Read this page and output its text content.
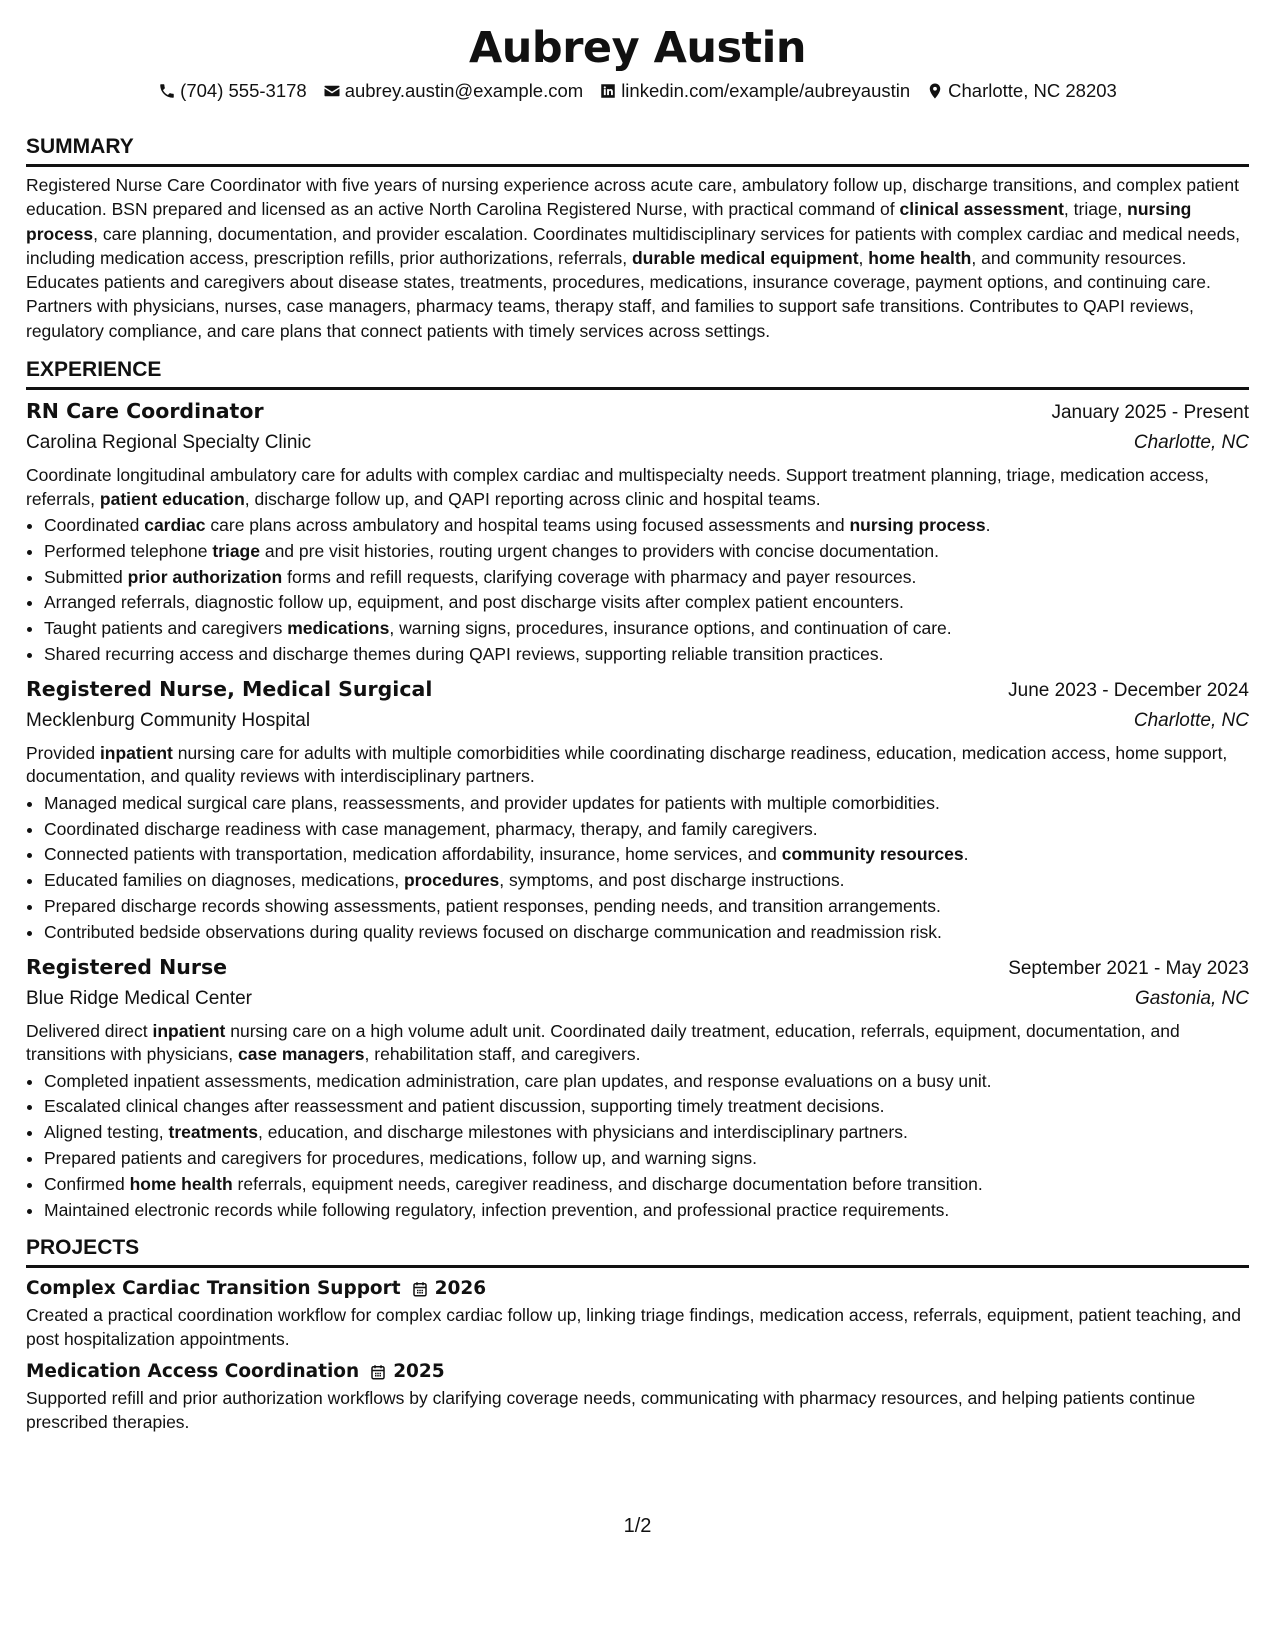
Aubrey Austin
(704) 555-3178 aubrey.austin@example.com linkedin.com/example/aubreyaustin Charlotte, NC 28203
SUMMARY

Registered Nurse Care Coordinator with five years of nursing experience across acute care, ambulatory follow up, discharge transitions, and complex patient education. BSN prepared and licensed as an active North Carolina Registered Nurse, with practical command of clinical assessment, triage, nursing process, care planning, documentation, and provider escalation. Coordinates multidisciplinary services for patients with complex cardiac and medical needs, including medication access, prescription refills, prior authorizations, referrals, durable medical equipment, home health, and community resources. Educates patients and caregivers about disease states, treatments, procedures, medications, insurance coverage, payment options, and continuing care. Partners with physicians, nurses, case managers, pharmacy teams, therapy staff, and families to support safe transitions. Contributes to QAPI reviews, regulatory compliance, and care plans that connect patients with timely services across settings.

EXPERIENCE
RN Care Coordinator	January 2025 - Present
Carolina Regional Specialty Clinic	Charlotte, NC

Coordinate longitudinal ambulatory care for adults with complex cardiac and multispecialty needs. Support treatment planning, triage, medication access, referrals, patient education, discharge follow up, and QAPI reporting across clinic and hospital teams.

• Coordinated cardiac care plans across ambulatory and hospital teams using focused assessments and nursing process.
• Performed telephone triage and pre visit histories, routing urgent changes to providers with concise documentation.
• Submitted prior authorization forms and refill requests, clarifying coverage with pharmacy and payer resources.
• Arranged referrals, diagnostic follow up, equipment, and post discharge visits after complex patient encounters.
• Taught patients and caregivers medications, warning signs, procedures, insurance options, and continuation of care.
• Shared recurring access and discharge themes during QAPI reviews, supporting reliable transition practices.
Registered Nurse, Medical Surgical	June 2023 - December 2024
Mecklenburg Community Hospital	Charlotte, NC

Provided inpatient nursing care for adults with multiple comorbidities while coordinating discharge readiness, education, medication access, home support, documentation, and quality reviews with interdisciplinary partners.

• Managed medical surgical care plans, reassessments, and provider updates for patients with multiple comorbidities.
• Coordinated discharge readiness with case management, pharmacy, therapy, and family caregivers.
• Connected patients with transportation, medication affordability, insurance, home services, and community resources.
• Educated families on diagnoses, medications, procedures, symptoms, and post discharge instructions.
• Prepared discharge records showing assessments, patient responses, pending needs, and transition arrangements.
• Contributed bedside observations during quality reviews focused on discharge communication and readmission risk.
Registered Nurse	September 2021 - May 2023
Blue Ridge Medical Center	Gastonia, NC

Delivered direct inpatient nursing care on a high volume adult unit. Coordinated daily treatment, education, referrals, equipment, documentation, and transitions with physicians, case managers, rehabilitation staff, and caregivers.

• Completed inpatient assessments, medication administration, care plan updates, and response evaluations on a busy unit.
• Escalated clinical changes after reassessment and patient discussion, supporting timely treatment decisions.
• Aligned testing, treatments, education, and discharge milestones with physicians and interdisciplinary partners.
• Prepared patients and caregivers for procedures, medications, follow up, and warning signs.
• Confirmed home health referrals, equipment needs, caregiver readiness, and discharge documentation before transition.
• Maintained electronic records while following regulatory, infection prevention, and professional practice requirements.
PROJECTS
Complex Cardiac Transition Support 2026

Created a practical coordination workflow for complex cardiac follow up, linking triage findings, medication access, referrals, equipment, patient teaching, and post hospitalization appointments.

Medication Access Coordination 2025

Supported refill and prior authorization workflows by clarifying coverage needs, communicating with pharmacy resources, and helping patients continue prescribed therapies.

1/2
